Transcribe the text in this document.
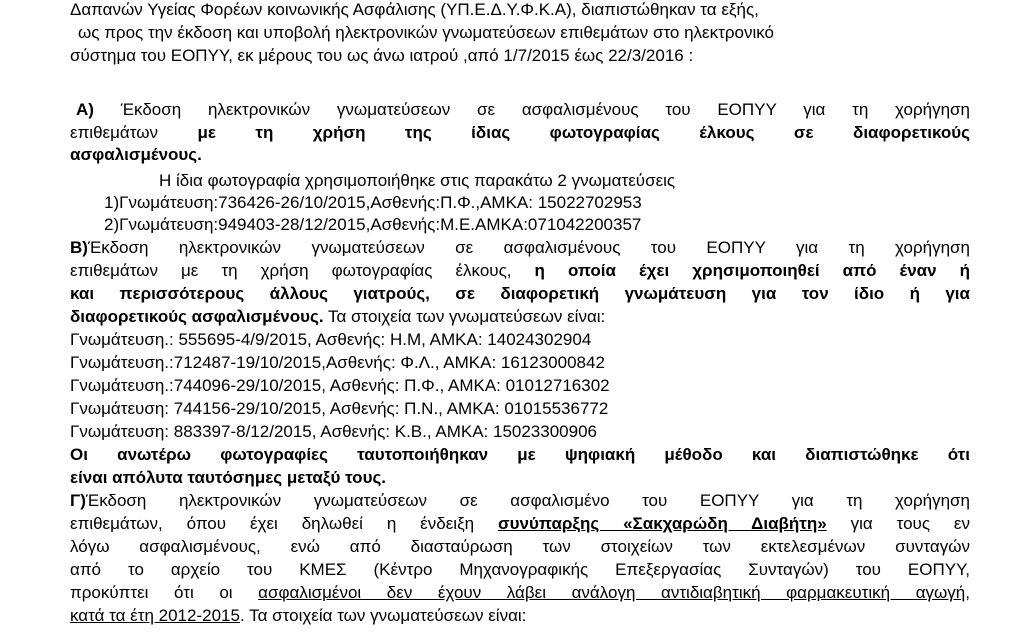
Δαπανών Υγείας Φορέων κοινωνικής Ασφάλισης (ΥΠ.Ε.Δ.Υ.Φ.Κ.Α), διαπιστώθηκαν τα εξής,
ως προς την έκδοση και υποβολή ηλεκτρονικών γνωματεύσεων επιθεμάτων στο ηλεκτρονικό
σύστημα του ΕΟΠΥΥ, εκ μέρους του ως άνω ιατρού ,από 1/7/2015 έως 22/3/2016 :
Α) Έκδοση ηλεκτρονικών γνωματεύσεων σε ασφαλισμένους του ΕΟΠΥΥ για τη χορήγηση
επιθεμάτων με τη χρήση της ίδιας φωτογραφίας έλκους σε διαφορετικούς
ασφαλισμένους.
Η ίδια φωτογραφία χρησιμοποιήθηκε στις παρακάτω 2 γνωματεύσεις
1)Γνωμάτευση:736426-26/10/2015,Ασθενής:Π.Φ.,ΑΜΚΑ: 15022702953
2)Γνωμάτευση:949403-28/12/2015,Ασθενής:Μ.Ε.ΑΜΚΑ:071042200357
Β)Έκδοση ηλεκτρονικών γνωματεύσεων σε ασφαλισμένους του ΕΟΠΥΥ για τη χορήγηση
επιθεμάτων με τη χρήση φωτογραφίας έλκους, η οποία έχει χρησιμοποιηθεί από έναν ή
και περισσότερους άλλους γιατρούς, σε διαφορετική γνωμάτευση για τον ίδιο ή για
διαφορετικούς ασφαλισμένους. Τα στοιχεία των γνωματεύσεων είναι:
Γνωμάτευση.: 555695-4/9/2015, Ασθενής: Η.Μ, ΑΜΚΑ: 14024302904
Γνωμάτευση.:712487-19/10/2015,Ασθενής: Φ.Λ., ΑΜΚΑ: 16123000842
Γνωμάτευση.:744096-29/10/2015, Ασθενής: Π.Φ., ΑΜΚΑ: 01012716302
Γνωμάτευση: 744156-29/10/2015, Ασθενής: Π.Ν., ΑΜΚΑ: 01015536772
Γνωμάτευση: 883397-8/12/2015, Ασθενής: Κ.Β., ΑΜΚΑ: 15023300906
Οι ανωτέρω φωτογραφίες ταυτοποιήθηκαν με ψηφιακή μέθοδο και διαπιστώθηκε ότι
είναι απόλυτα ταυτόσημες μεταξύ τους.
Γ)Έκδοση ηλεκτρονικών γνωματεύσεων σε ασφαλισμένο του ΕΟΠΥΥ για τη χορήγηση
επιθεμάτων, όπου έχει δηλωθεί η ένδειξη συνύπαρξης «Σακχαρώδη Διαβήτη» για τους εν
λόγω ασφαλισμένους, ενώ από διασταύρωση των στοιχείων των εκτελεσμένων συνταγών
από το αρχείο του ΚΜΕΣ (Κέντρο Μηχανογραφικής Επεξεργασίας Συνταγών) του ΕΟΠΥΥ,
προκύπτει ότι οι ασφαλισμένοι δεν έχουν λάβει ανάλογη αντιδιαβητική φαρμακευτική αγωγή,
κατά τα έτη 2012-2015. Τα στοιχεία των γνωματεύσεων είναι:
